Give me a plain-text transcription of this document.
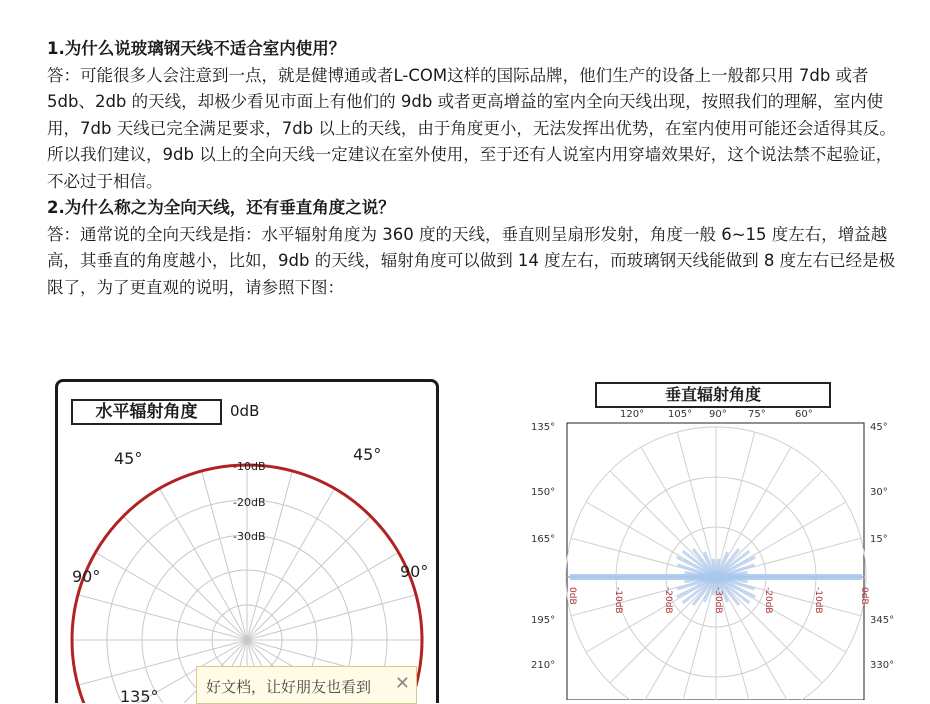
1.为什么说玻璃钢天线不适合室内使用？

答：可能很多人会注意到一点，就是健博通或者L-COM这样的国际品牌，他们生产的设备上一般都只用 7db 或者 5db、2db 的天线，却极少看见市面上有他们的 9db 或者更高增益的室内全向天线出现，按照我们的理解，室内使用，7db 天线已完全满足要求，7db 以上的天线，由于角度更小，无法发挥出优势，在室内使用可能还会适得其反。所以我们建议，9db 以上的全向天线一定建议在室外使用，至于还有人说室内用穿墙效果好，这个说法禁不起验证，不必过于相信。

2.为什么称之为全向天线，还有垂直角度之说？

答：通常说的全向天线是指：水平辐射角度为 360 度的天线，垂直则呈扇形发射，角度一般 6~15 度左右，增益越高，其垂直的角度越小，比如，9db 的天线，辐射角度可以做到 14 度左右，而玻璃钢天线能做到 8 度左右已经是极限了，为了更直观的说明，请参照下图：

-10dB
-20dB
-30dB
45°	45°
90°	90°
135°
水平辐射角度	0dB	120° 105° 90° 75°	60°
135°
150°
165°
195°
210°
45°
30°
15°
345°
330°
0dB	-10dB	-20dB	-30dB	-20dB	-10dB	0dB
垂直辐射角度
好文档，让好朋友也看到 ✕
